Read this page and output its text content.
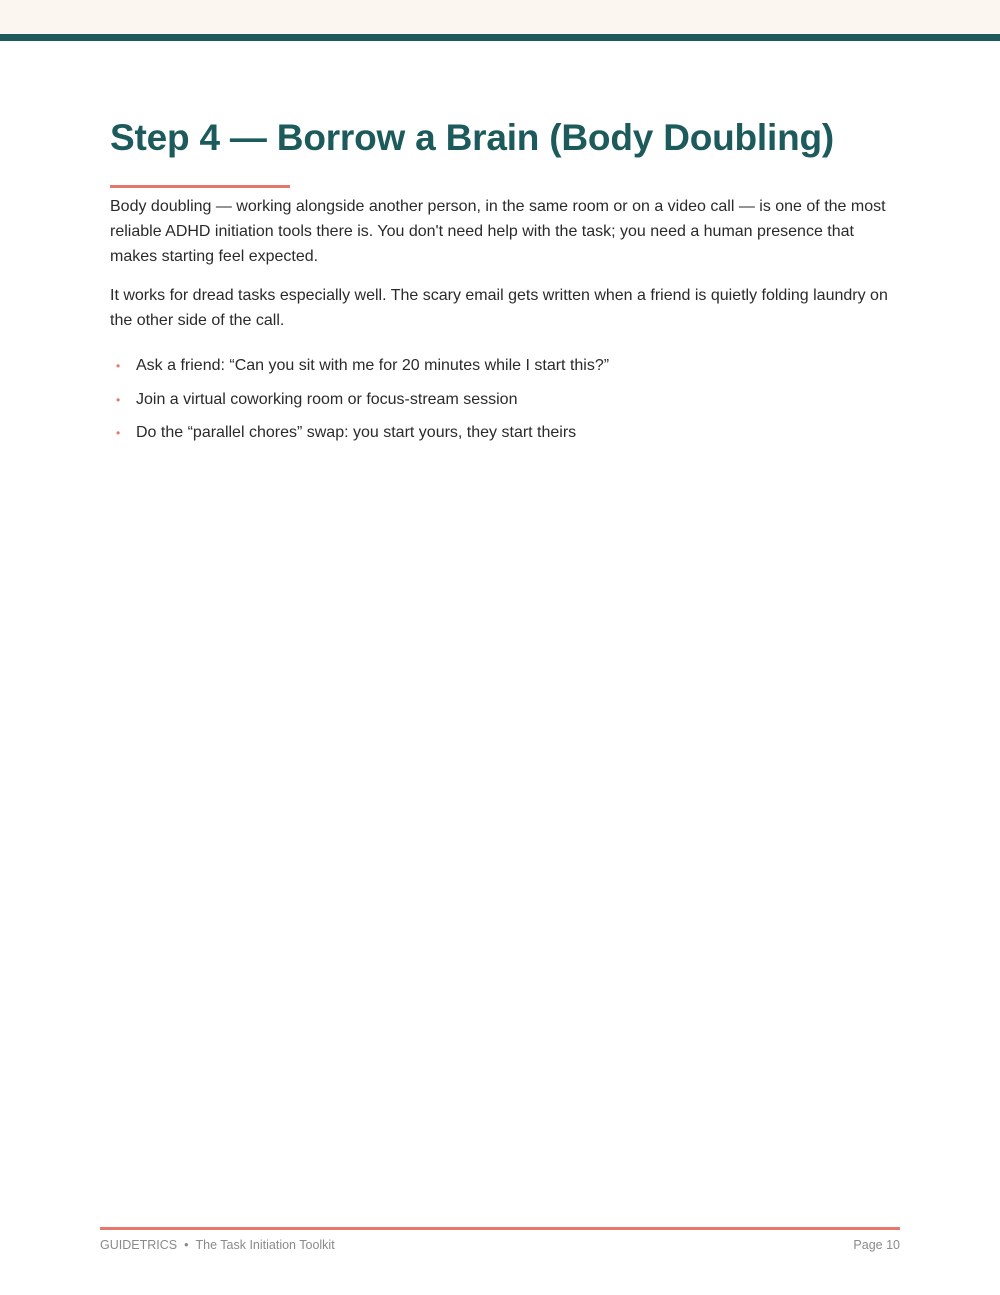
Step 4 — Borrow a Brain (Body Doubling)

Body doubling — working alongside another person, in the same room or on a video call — is one of the most reliable ADHD initiation tools there is. You don't need help with the task; you need a human presence that makes starting feel expected.

It works for dread tasks especially well. The scary email gets written when a friend is quietly folding laundry on the other side of the call.

• Ask a friend: “Can you sit with me for 20 minutes while I start this?”
• Join a virtual coworking room or focus-stream session
• Do the “parallel chores” swap: you start yours, they start theirs
GUIDETRICS • The Task Initiation Toolkit	Page 10
